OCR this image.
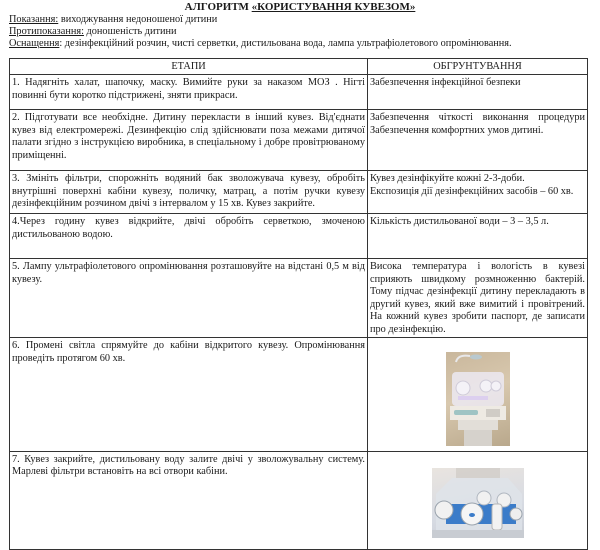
АЛГОРИТМ «КОРИСТУВАННЯ КУВЕЗОМ»
Показання: виходжування недоношеної дитини
Протипоказання: доношеність дитини
Оснащення: дезінфекційний розчин, чисті серветки, дистильована вода, лампа ультрафіолетового опромінювання.
ЕТАПИ	ОБГРУНТУВАННЯ
1. Надягніть халат, шапочку, маску. Вимийте руки за наказом МОЗ . Нігті повинні бути коротко підстрижені, зняти прикраси.	Забезпечення інфекційної безпеки
2. Підготувати все необхідне. Дитину перекласти в інший кувез. Від'єднати кувез від електромережі. Дезинфекцію слід здійснювати поза межами дитячої палати згідно з інструкцією виробника, в спеціальному і добре провітрюваному приміщенні.	Забезпечення чіткості виконання процедури Забезпечення комфортних умов дитині.
3. Змініть фільтри, спорожніть водяний бак зволожувача кувезу, обробіть внутрішні поверхні кабіни кувезу, поличку, матрац, а потім ручки кувезу дезінфекційним розчином двічі з інтервалом у 15 хв. Кувез закрийте.	Кувез дезінфікуйте кожні 2-3-доби.
Експозиція дії дезінфекційних засобів – 60 хв.

4.Через годину кувез відкрийте, двічі обробіть серветкою, змоченою дистильованою водою.	Кількість дистильованої води – 3 – 3,5 л.
5. Лампу ультрафіолетового опромінювання розташовуйте на відстані 0,5 м від кувезу.	Висока температура і вологість в кувезі сприяють швидкому розмноженню бактерій. Тому підчас дезінфекції дитину перекладають в другий кувез, який вже вимитий і провітрений. На кожний кувез зробити паспорт, де записати про дезінфекцію.
6. Промені світла спрямуйте до кабіни відкритого кувезу. Опромінювання проведіть протягом 60 хв.	
7. Кувез закрийте, дистильовану воду залите двічі у зволожувальну систему. Марлеві фільтри встановіть на всі отвори кабіни.	
